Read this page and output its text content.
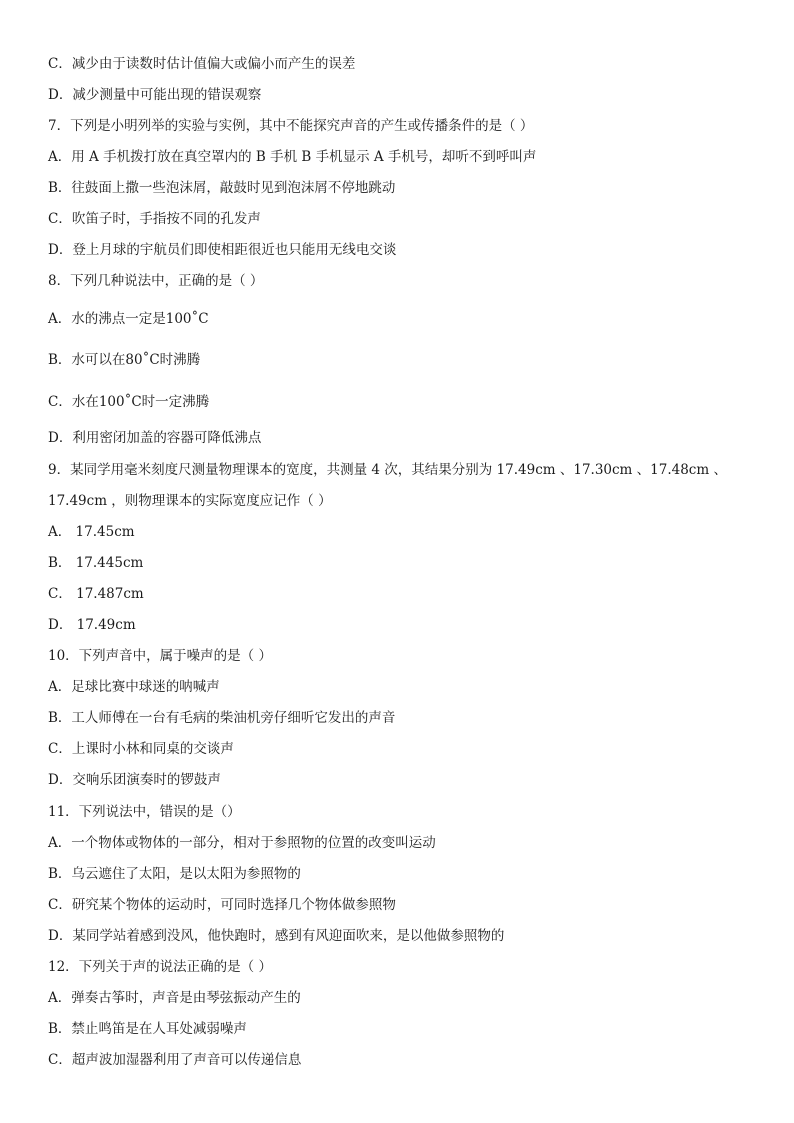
C．减少由于读数时估计值偏大或偏小而产生的误差
D．减少测量中可能出现的错误观察
7．下列是小明列举的实验与实例，其中不能探究声音的产生或传播条件的是（ ）
A．用 A 手机拨打放在真空罩内的 B 手机 B 手机显示 A 手机号，却听不到呼叫声
B．往鼓面上撒一些泡沫屑，敲鼓时见到泡沫屑不停地跳动
C．吹笛子时，手指按不同的孔发声
D．登上月球的宇航员们即使相距很近也只能用无线电交谈
8．下列几种说法中，正确的是（ ）
A．水的沸点一定是100˚C
B．水可以在80˚C时沸腾
C．水在100˚C时一定沸腾
D．利用密闭加盖的容器可降低沸点
9．某同学用毫米刻度尺测量物理课本的宽度，共测量 4 次，其结果分别为 17.49cm 、17.30cm 、17.48cm 、
17.49cm ，则物理课本的实际宽度应记作（ ）
A． 17.45cm
B． 17.445cm
C． 17.487cm
D． 17.49cm
10．下列声音中，属于噪声的是（ ）
A．足球比赛中球迷的呐喊声
B．工人师傅在一台有毛病的柴油机旁仔细听它发出的声音
C．上课时小林和同桌的交谈声
D．交响乐团演奏时的锣鼓声
11．下列说法中，错误的是（）
A．一个物体或物体的一部分，相对于参照物的位置的改变叫运动
B．乌云遮住了太阳，是以太阳为参照物的
C．研究某个物体的运动时，可同时选择几个物体做参照物
D．某同学站着感到没风，他快跑时，感到有风迎面吹来，是以他做参照物的
12．下列关于声的说法正确的是（ ）
A．弹奏古筝时，声音是由琴弦振动产生的
B．禁止鸣笛是在人耳处减弱噪声
C．超声波加湿器利用了声音可以传递信息
